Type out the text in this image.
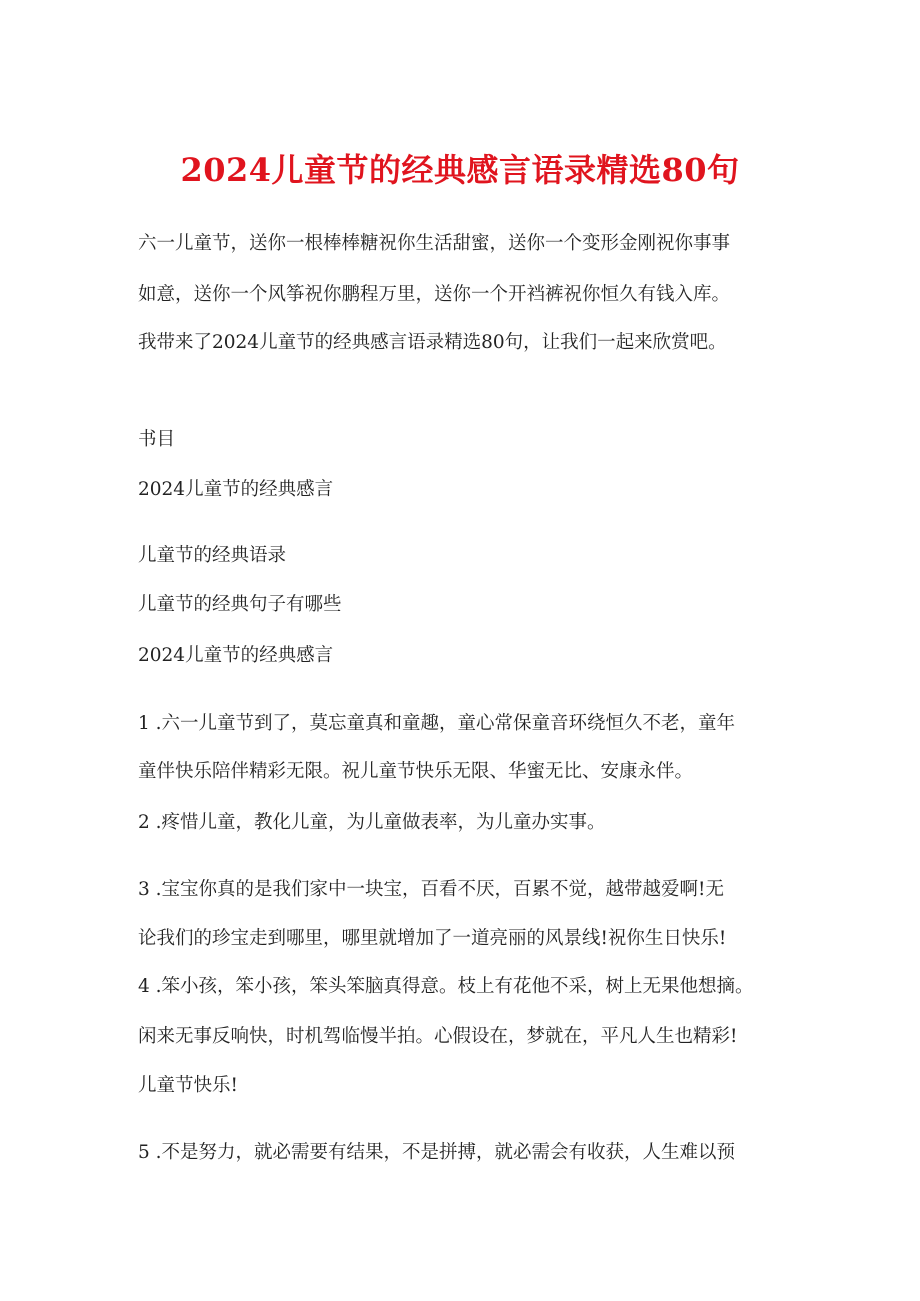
2024儿童节的经典感言语录精选80句

六一儿童节，送你一根棒棒糖祝你生活甜蜜，送你一个变形金刚祝你事事

如意，送你一个风筝祝你鹏程万里，送你一个开裆裤祝你恒久有钱入库。

我带来了2024儿童节的经典感言语录精选80句，让我们一起来欣赏吧。

书目

2024儿童节的经典感言

儿童节的经典语录

儿童节的经典句子有哪些

2024儿童节的经典感言

1 .六一儿童节到了，莫忘童真和童趣，童心常保童音环绕恒久不老，童年

童伴快乐陪伴精彩无限。祝儿童节快乐无限、华蜜无比、安康永伴。

2 .疼惜儿童，教化儿童，为儿童做表率，为儿童办实事。

3 .宝宝你真的是我们家中一块宝，百看不厌，百累不觉，越带越爱啊!无

论我们的珍宝走到哪里，哪里就增加了一道亮丽的风景线!祝你生日快乐!

4 .笨小孩，笨小孩，笨头笨脑真得意。枝上有花他不采，树上无果他想摘。

闲来无事反响快，时机驾临慢半拍。心假设在，梦就在，平凡人生也精彩!

儿童节快乐!

5 .不是努力，就必需要有结果，不是拼搏，就必需会有收获，人生难以预
